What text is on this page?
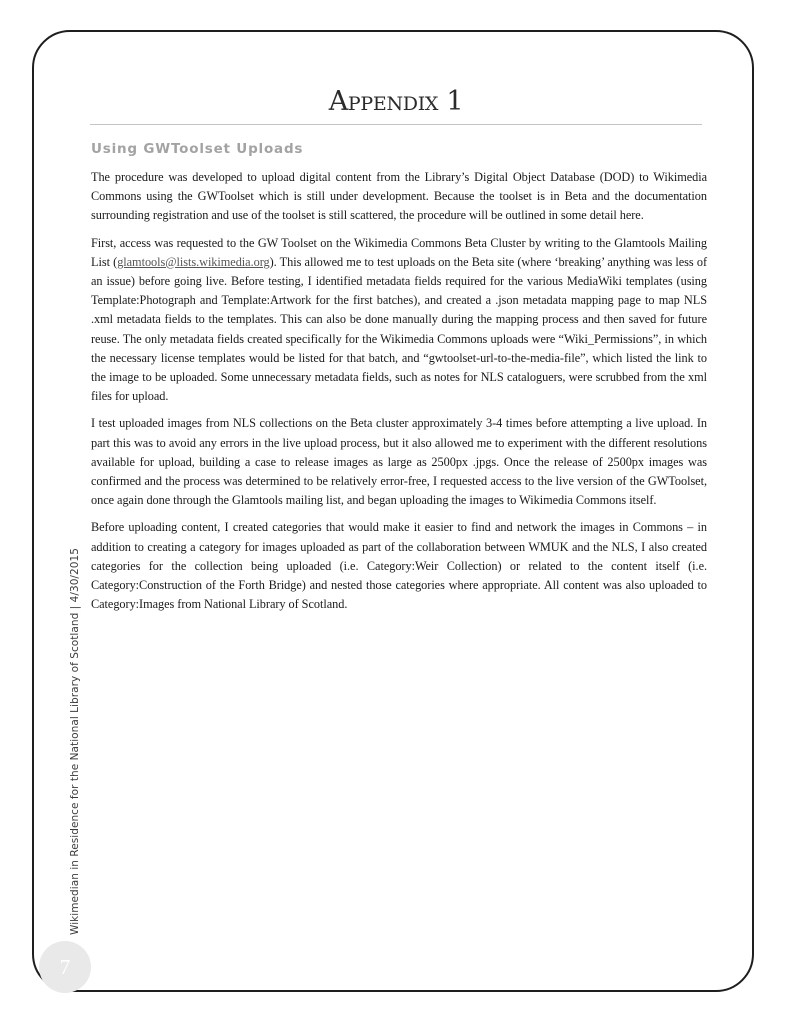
Appendix 1
Using GWToolset Uploads

The procedure was developed to upload digital content from the Library’s Digital Object Database (DOD) to Wikimedia Commons using the GWToolset which is still under development. Because the toolset is in Beta and the documentation surrounding registration and use of the toolset is still scattered, the procedure will be outlined in some detail here.

First, access was requested to the GW Toolset on the Wikimedia Commons Beta Cluster by writing to the Glamtools Mailing List (glamtools@lists.wikimedia.org). This allowed me to test uploads on the Beta site (where ‘breaking’ anything was less of an issue) before going live. Before testing, I identified metadata fields required for the various MediaWiki templates (using Template:Photograph and Template:Artwork for the first batches), and created a .json metadata mapping page to map NLS .xml metadata fields to the templates. This can also be done manually during the mapping process and then saved for future reuse. The only metadata fields created specifically for the Wikimedia Commons uploads were “Wiki_Permissions”, in which the necessary license templates would be listed for that batch, and “gwtoolset-url-to-the-media-file”, which listed the link to the image to be uploaded. Some unnecessary metadata fields, such as notes for NLS cataloguers, were scrubbed from the xml files for upload.

I test uploaded images from NLS collections on the Beta cluster approximately 3-4 times before attempting a live upload. In part this was to avoid any errors in the live upload process, but it also allowed me to experiment with the different resolutions available for upload, building a case to release images as large as 2500px .jpgs. Once the release of 2500px images was confirmed and the process was determined to be relatively error-free, I requested access to the live version of the GWToolset, once again done through the Glamtools mailing list, and began uploading the images to Wikimedia Commons itself.

Before uploading content, I created categories that would make it easier to find and network the images in Commons – in addition to creating a category for images uploaded as part of the collaboration between WMUK and the NLS, I also created categories for the collection being uploaded (i.e. Category:Weir Collection) or related to the content itself (i.e. Category:Construction of the Forth Bridge) and nested those categories where appropriate. All content was also uploaded to Category:Images from National Library of Scotland.

Wikimedian in Residence for the National Library of Scotland | 4/30/2015
7
